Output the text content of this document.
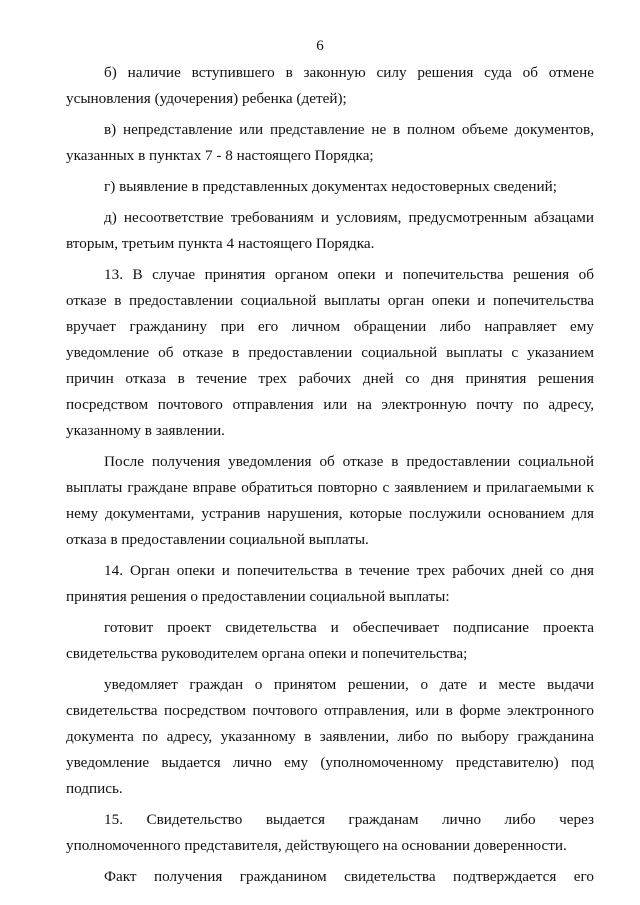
6

б) наличие вступившего в законную силу решения суда об отмене
усыновления (удочерения) ребенка (детей);

в) непредставление или представление не в полном объеме документов,
указанных в пунктах 7 - 8 настоящего Порядка;

г) выявление в представленных документах недостоверных сведений;

д) несоответствие требованиям и условиям, предусмотренным абзацами
вторым, третьим пункта 4 настоящего Порядка.

13. В случае принятия органом опеки и попечительства решения об
отказе в предоставлении социальной выплаты орган опеки и попечительства
вручает гражданину при его личном обращении либо направляет ему
уведомление об отказе в предоставлении социальной выплаты с указанием
причин отказа в течение трех рабочих дней со дня принятия решения
посредством почтового отправления или на электронную почту по адресу,
указанному в заявлении.

После получения уведомления об отказе в предоставлении социальной
выплаты граждане вправе обратиться повторно с заявлением и прилагаемыми к
нему документами, устранив нарушения, которые послужили основанием для
отказа в предоставлении социальной выплаты.

14. Орган опеки и попечительства в течение трех рабочих дней со дня
принятия решения о предоставлении социальной выплаты:

готовит проект свидетельства и обеспечивает подписание проекта
свидетельства руководителем органа опеки и попечительства;

уведомляет граждан о принятом решении, о дате и месте выдачи
свидетельства посредством почтового отправления, или в форме электронного
документа по адресу, указанному в заявлении, либо по выбору гражданина
уведомление выдается лично ему (уполномоченному представителю) под
подпись.

15. Свидетельство выдается гражданам лично либо через
уполномоченного представителя, действующего на основании доверенности.

Факт получения гражданином свидетельства подтверждается его
